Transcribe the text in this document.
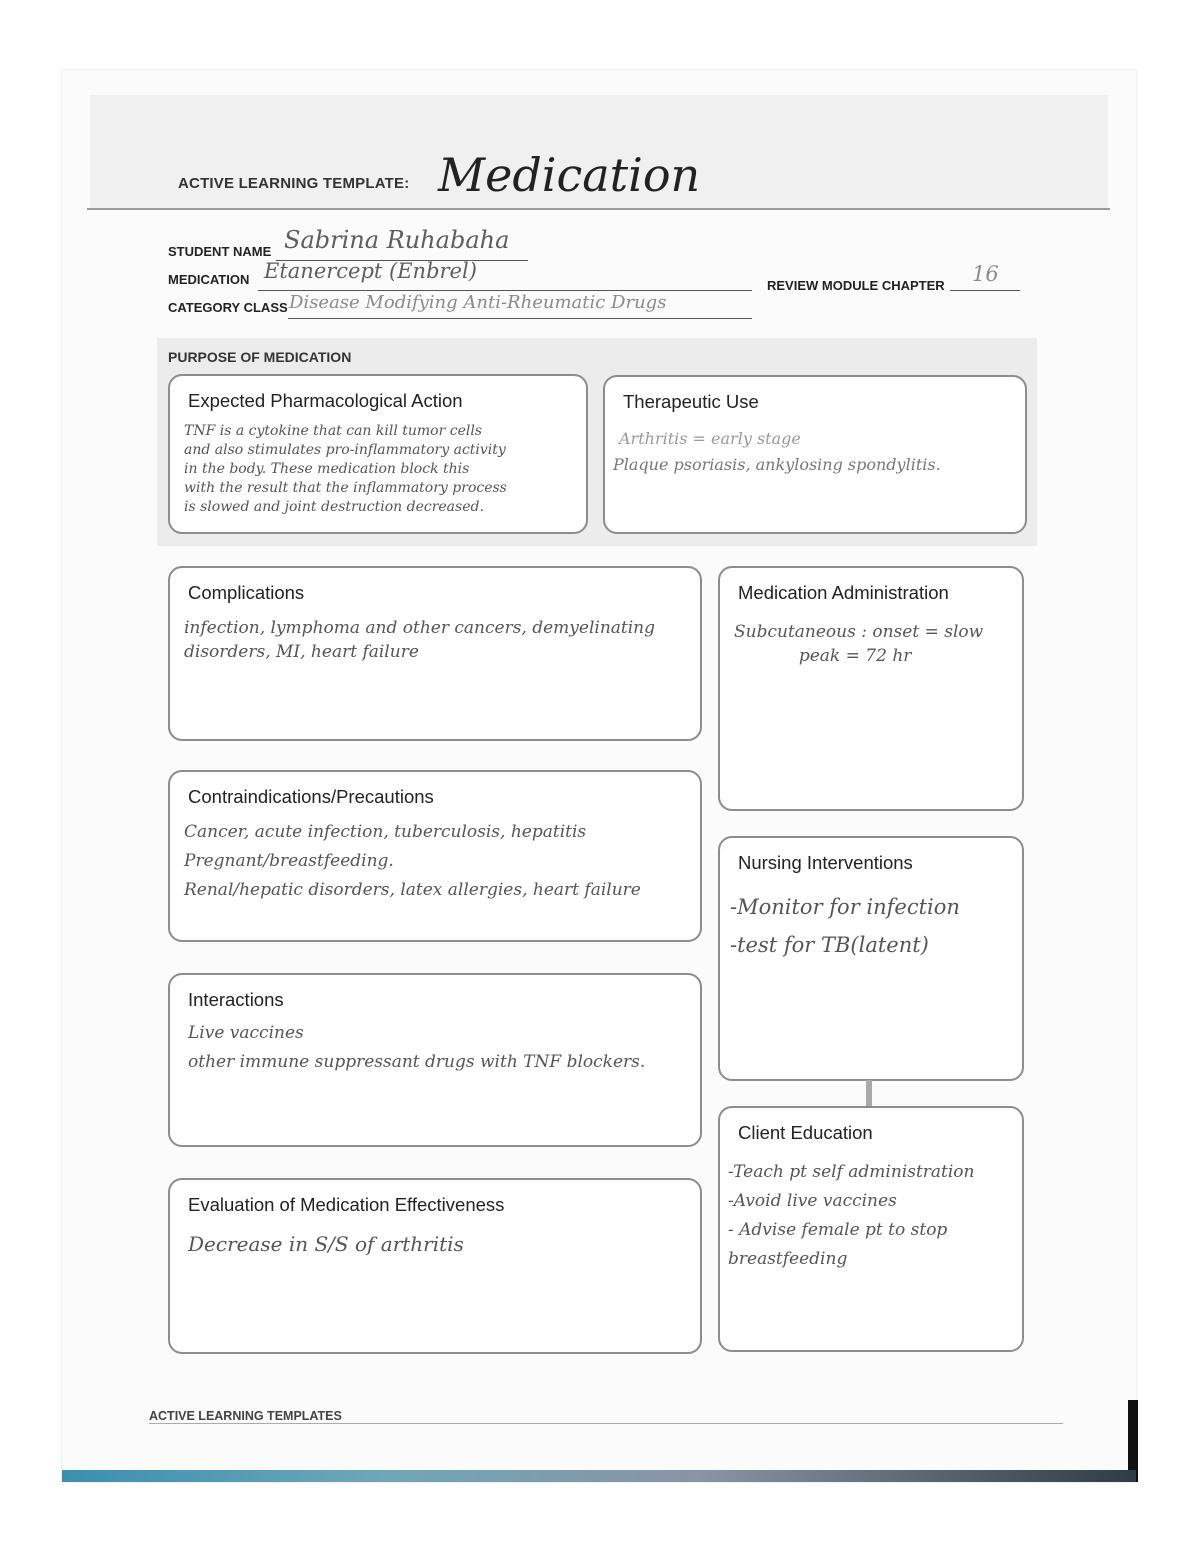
ACTIVE LEARNING TEMPLATE: Medication
STUDENT NAME Sabrina Ruhabaha
MEDICATION Etanercept (Enbrel)
REVIEW MODULE CHAPTER 16
CATEGORY CLASS Disease Modifying Anti-Rheumatic Drugs
PURPOSE OF MEDICATION
Expected Pharmacological Action
TNF is a cytokine that can kill tumor cells
and also stimulates pro-inflammatory activity
in the body. These medication block this
with the result that the inflammatory process
is slowed and joint destruction decreased.
Therapeutic Use
Arthritis = early stage
Plaque psoriasis, ankylosing spondylitis.
Complications
infection, lymphoma and other cancers, demyelinating
disorders, MI, heart failure
Medication Administration
Subcutaneous : onset = slow
peak = 72 hr
Contraindications/Precautions
Cancer, acute infection, tuberculosis, hepatitis
Pregnant/breastfeeding.
Renal/hepatic disorders, latex allergies, heart failure
Nursing Interventions
-Monitor for infection
-test for TB(latent)
Interactions
Live vaccines
other immune suppressant drugs with TNF blockers.
Client Education
-Teach pt self administration
-Avoid live vaccines
- Advise female pt to stop
breastfeeding
Evaluation of Medication Effectiveness
Decrease in S/S of arthritis
ACTIVE LEARNING TEMPLATES
